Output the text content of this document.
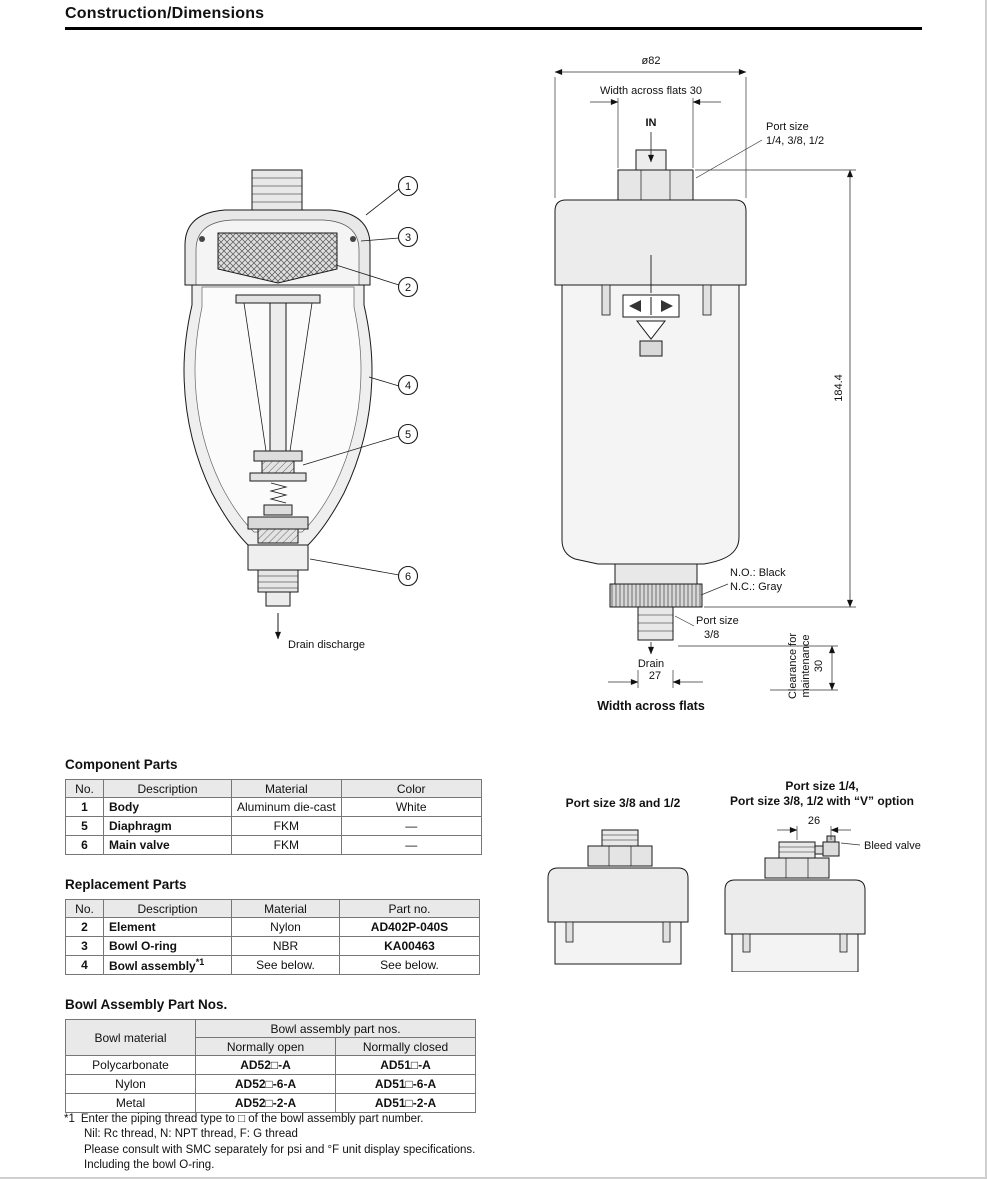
Construction/Dimensions
1
3
2
4
5
6
Drain discharge
ø82
Width across flats 30
IN	Port size
1/4, 3/8, 1/2
184.4
N.O.: Black
N.C.: Gray
Port size
3/8
Drain
27	Clearance for maintenance 30
Width across flats
Component Parts
No.	Description	Material	Color
1	Body	Aluminum die-cast	White
5	Diaphragm	FKM	—
6	Main valve	FKM	—
Replacement Parts
No.	Description	Material	Part no.
2	Element	Nylon	AD402P-040S
3	Bowl O-ring	NBR	KA00463
4	Bowl assembly$^{*1}$	See below.	See below.
Bowl Assembly Part Nos.
Bowl material	Bowl assembly part nos.	
	Normally open	Normally closed
Polycarbonate	AD52□-A	AD51□-A
Nylon	AD52□-6-A	AD51□-6-A
Metal	AD52□-2-A	AD51□-2-A
*1 Enter the piping thread type to □ of the bowl assembly part number.
Nil: Rc thread, N: NPT thread, F: G thread
Please consult with SMC separately for psi and °F unit display specifications.
Including the bowl O-ring.
Port size 3/8 and 1/2
Port size 1/4,
Port size 3/8, 1/2 with “V” option
26
Bleed valve
